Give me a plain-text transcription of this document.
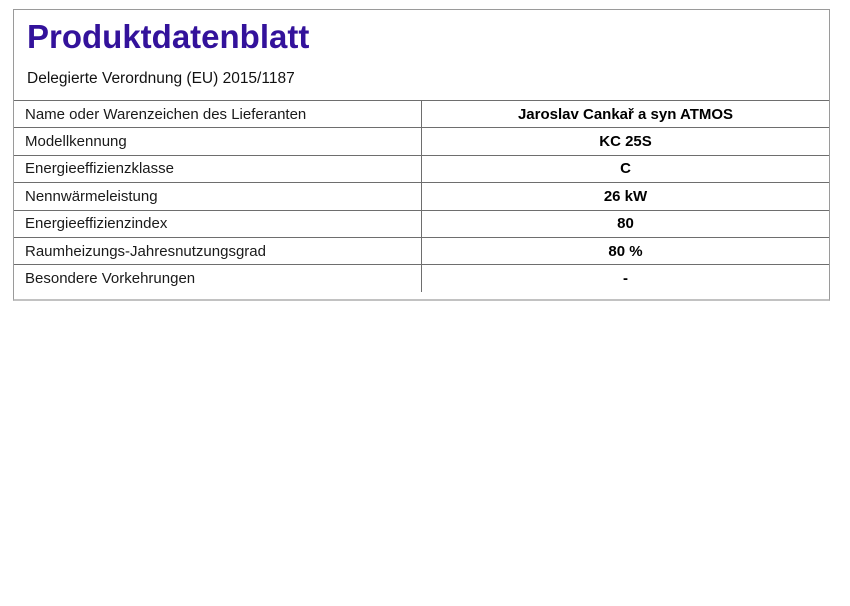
Produktdatenblatt
Delegierte Verordnung (EU) 2015/1187
Name oder Warenzeichen des Lieferanten	Jaroslav Cankař a syn ATMOS
Modellkennung	KC 25S
Energieeffizienzklasse	C
Nennwärmeleistung	26 kW
Energieeffizienzindex	80
Raumheizungs-Jahresnutzungsgrad	80 %
Besondere Vorkehrungen	-
